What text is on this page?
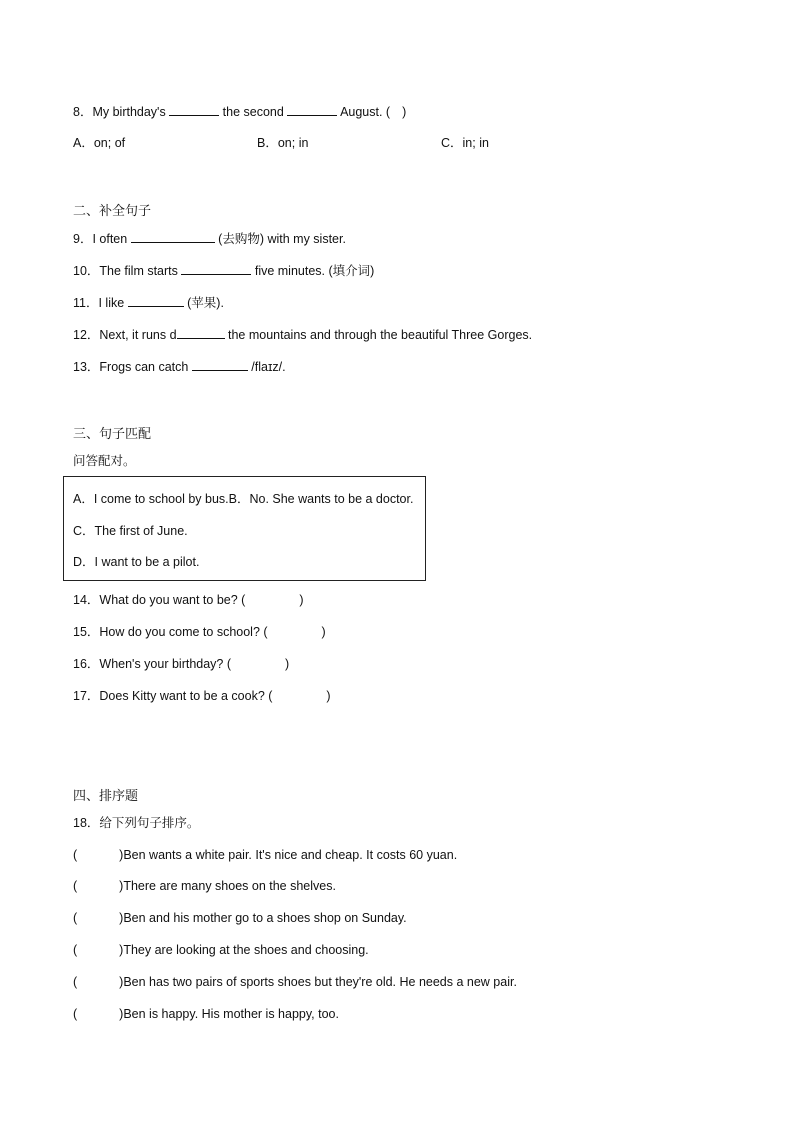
8．My birthday's	the second	August. ( )
A．on; of	B．on; in	C．in; in
二、补全句子
9．I often	(去购物) with my sister.
10．The film starts	five minutes. (填介词)
11．I like	(苹果).
12．Next, it runs d	the mountains and through the beautiful Three Gorges.
13．Frogs can catch	/flaɪz/.
三、句子匹配
问答配对。
A．I come to school by bus.B．No. She wants to be a doctor.
C．The first of June.
D．I want to be a pilot.
14．What do you want to be? (	)
15．How do you come to school? (	)
16．When's your birthday? (	)
17．Does Kitty want to be a cook? (	)
四、排序题
18．给下列句子排序。
(	)Ben wants a white pair. It's nice and cheap. It costs 60 yuan.
(	)There are many shoes on the shelves.
(	)Ben and his mother go to a shoes shop on Sunday.
(	)They are looking at the shoes and choosing.
(	)Ben has two pairs of sports shoes but they're old. He needs a new pair.
(	)Ben is happy. His mother is happy, too.
